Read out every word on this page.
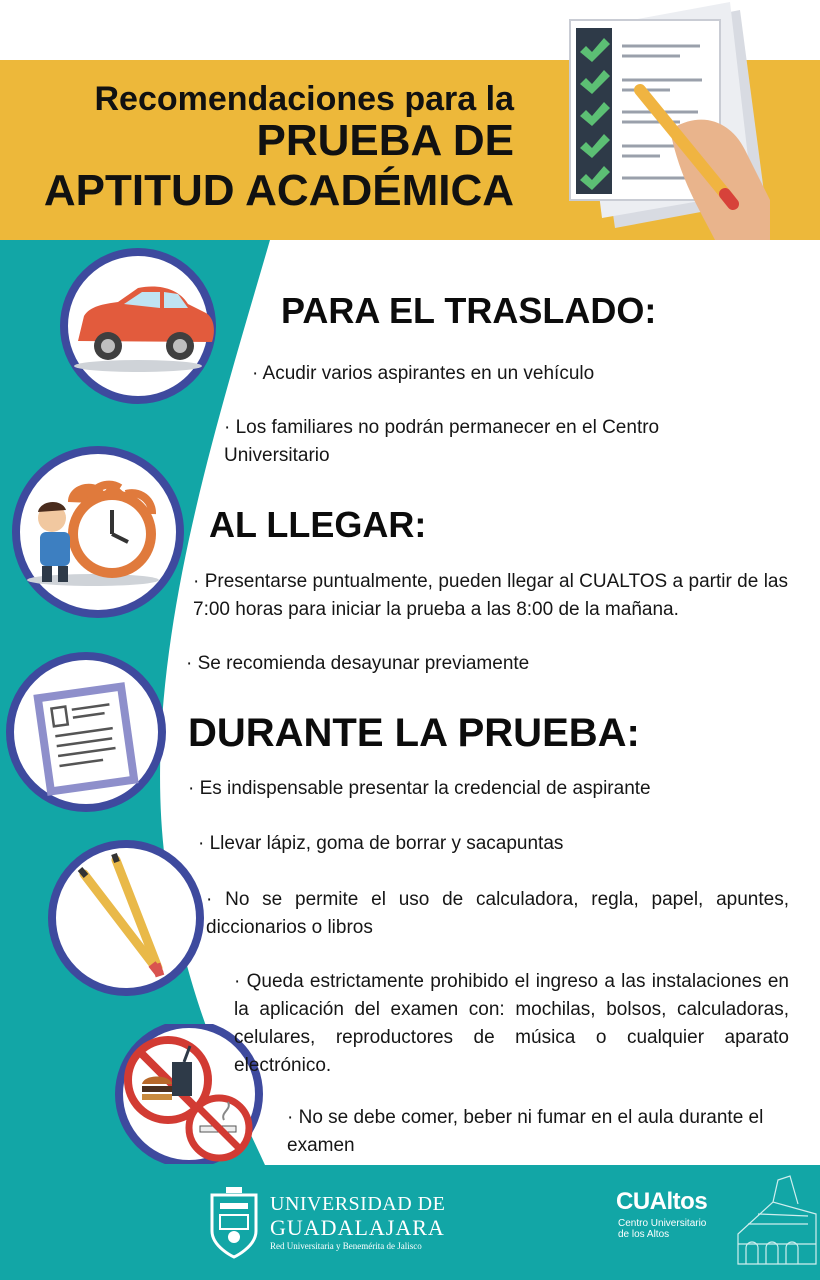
Recomendaciones para la
PRUEBA DE
APTITUD ACADÉMICA
PARA EL TRASLADO:
· Acudir varios aspirantes en un vehículo
· Los familiares no podrán permanecer en el Centro Universitario
AL LLEGAR:
· Presentarse puntualmente, pueden llegar al CUALTOS a partir de las 7:00 horas para iniciar la prueba a las 8:00 de la mañana.
· Se recomienda desayunar previamente
DURANTE LA PRUEBA:
· Es indispensable presentar la credencial de aspirante
· Llevar lápiz, goma de borrar y sacapuntas
· No se permite el uso de calculadora, regla, papel, apuntes, diccionarios o libros
· Queda estrictamente prohibido el ingreso a las instalaciones en la aplicación del examen con: mochilas, bolsos, calculadoras, celulares, reproductores de música o cualquier aparato electrónico.
· No se debe comer, beber ni fumar en el aula durante el examen
UNIVERSIDAD DE
GUADALAJARA
Red Universitaria y Benemérita de Jalisco
CUAltos
Centro Universitario
de los Altos
